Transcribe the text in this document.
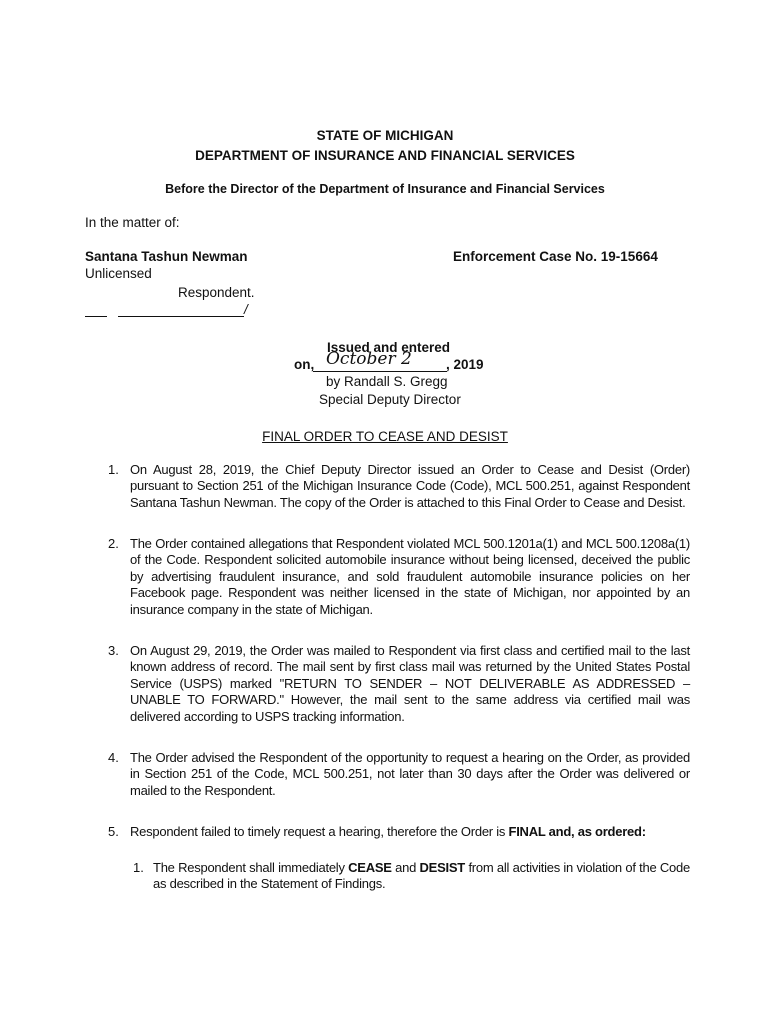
STATE OF MICHIGAN
DEPARTMENT OF INSURANCE AND FINANCIAL SERVICES
Before the Director of the Department of Insurance and Financial Services
In the matter of:
Santana Tashun Newman	Enforcement Case No. 19-15664
Unlicensed
Respondent.
/
Issued and entered
on, October 2	, 2019
by Randall S. Gregg
Special Deputy Director
FINAL ORDER TO CEASE AND DESIST
1. On August 28, 2019, the Chief Deputy Director issued an Order to Cease and Desist (Order) pursuant to Section 251 of the Michigan Insurance Code (Code), MCL 500.251, against Respondent Santana Tashun Newman. The copy of the Order is attached to this Final Order to Cease and Desist.
2. The Order contained allegations that Respondent violated MCL 500.1201a(1) and MCL 500.1208a(1) of the Code. Respondent solicited automobile insurance without being licensed, deceived the public by advertising fraudulent insurance, and sold fraudulent automobile insurance policies on her Facebook page. Respondent was neither licensed in the state of Michigan, nor appointed by an insurance company in the state of Michigan.
3. On August 29, 2019, the Order was mailed to Respondent via first class and certified mail to the last known address of record. The mail sent by first class mail was returned by the United States Postal Service (USPS) marked "RETURN TO SENDER – NOT DELIVERABLE AS ADDRESSED – UNABLE TO FORWARD." However, the mail sent to the same address via certified mail was delivered according to USPS tracking information.
4. The Order advised the Respondent of the opportunity to request a hearing on the Order, as provided in Section 251 of the Code, MCL 500.251, not later than 30 days after the Order was delivered or mailed to the Respondent.
5. Respondent failed to timely request a hearing, therefore the Order is FINAL and, as ordered:
1. The Respondent shall immediately CEASE and DESIST from all activities in violation of the Code as described in the Statement of Findings.
